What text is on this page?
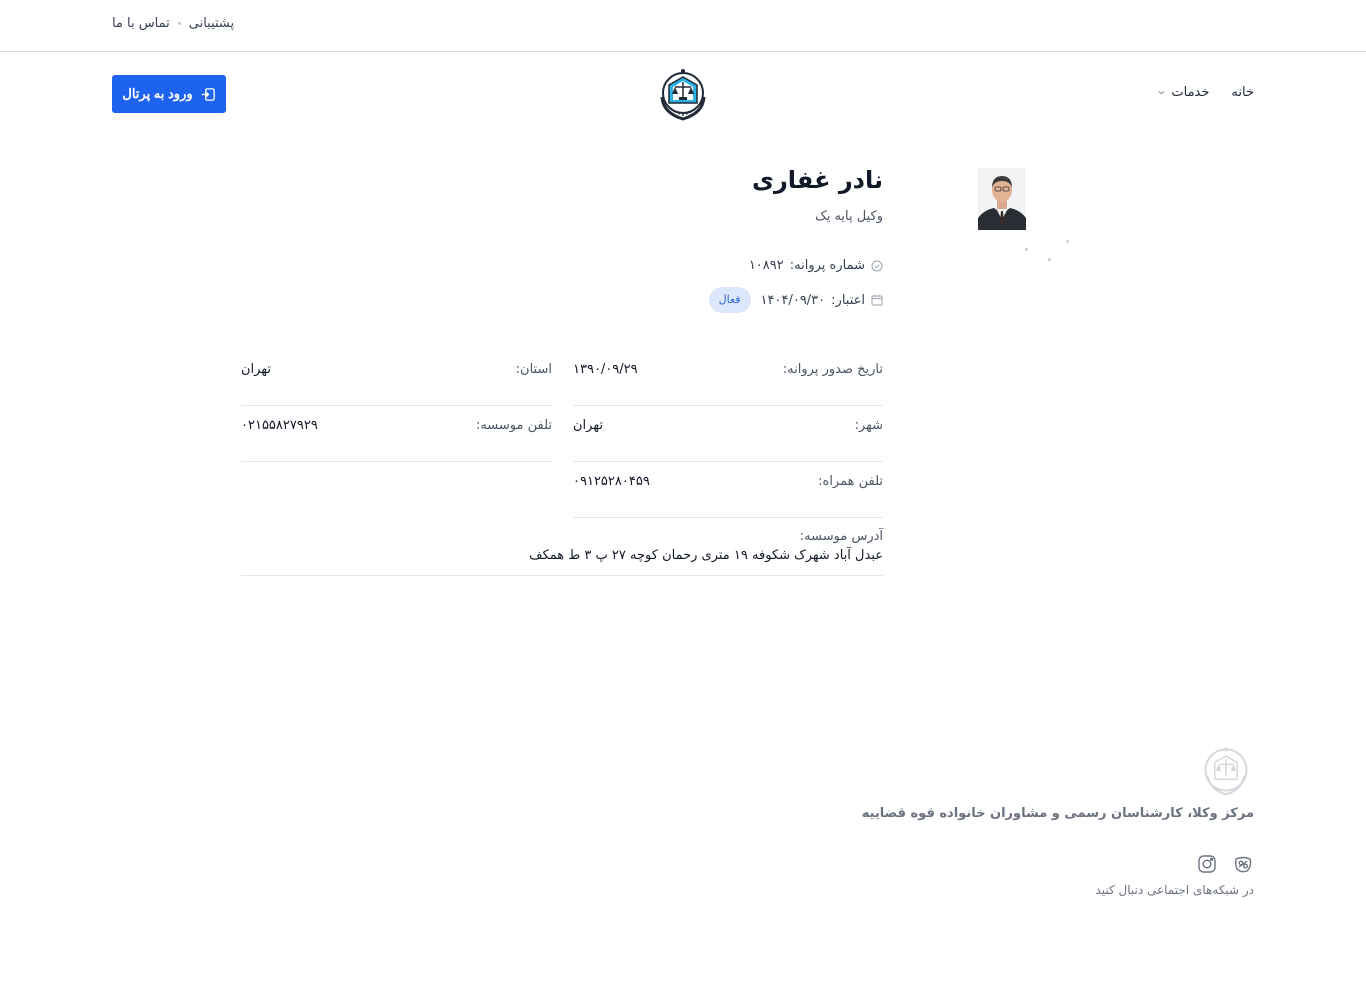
پشتیبانی
تماس با ما
ورود به پرتال	خانه
خدمات
نادر غفاری
وکیل پایه یک
شماره پروانه:
۱۰۸۹۲
اعتبار:
۱۴۰۴/۰۹/۳۰
فعال
تاریخ صدور پروانه:
۱۳۹۰/۰۹/۲۹
استان:
تهران
شهر:
تهران
تلفن موسسه:
۰۲۱۵۵۸۲۷۹۲۹
تلفن همراه:
۰۹۱۲۵۲۸۰۴۵۹
آدرس موسسه:
عبدل آباد شهرک شکوفه ۱۹ متری رحمان کوچه ۲۷ پ ۳ ط همکف
مرکز وکلا، کارشناسان رسمی و مشاوران خانواده قوه قضاییه
در شبکه‌های اجتماعی دنبال کنید
